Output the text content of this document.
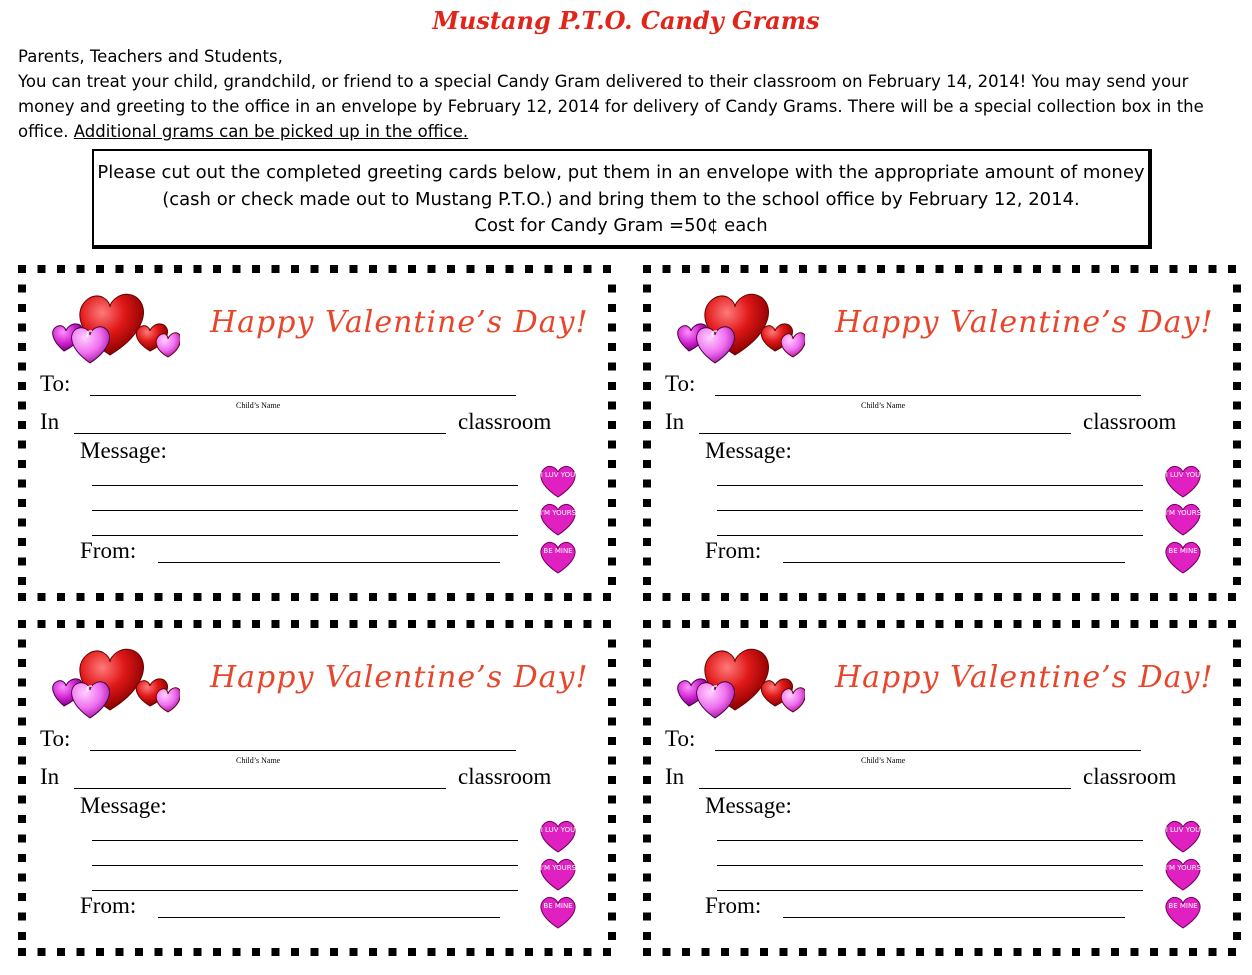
Mustang P.T.O. Candy Grams

Parents, Teachers and Students,

You can treat your child, grandchild, or friend to a special Candy Gram delivered to their classroom on February 14, 2014! You may send your money and greeting to the office in an envelope by February 12, 2014 for delivery of Candy Grams. There will be a special collection box in the office. Additional grams can be picked up in the office.

Please cut out the completed greeting cards below, put them in an envelope with the appropriate amount of money

(cash or check made out to Mustang P.T.O.) and bring them to the school office by February 12, 2014.

Cost for Candy Gram =50¢ each

Happy Valentine’s Day!
To:
Child’s Name
In	classroom
Message:
From:
I LUV YOU
I'M YOURS
BE MINE
Happy Valentine’s Day!
To:
Child’s Name
In	classroom
Message:
From:
I LUV YOU
I'M YOURS
BE MINE
Happy Valentine’s Day!
To:
Child’s Name
In	classroom
Message:
From:
I LUV YOU
I'M YOURS
BE MINE
Happy Valentine’s Day!
To:
Child’s Name
In	classroom
Message:
From:
I LUV YOU
I'M YOURS
BE MINE
